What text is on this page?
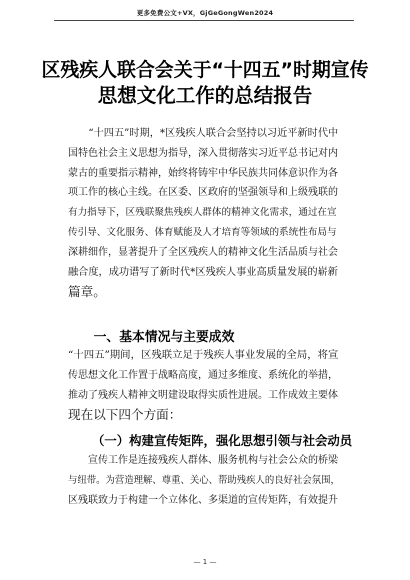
更多免费公文+VX，GjGeGongWen2024
区残疾人联合会关于“十四五”时期宣传
思想文化工作的总结报告
　　“十四五”时期，*区残疾人联合会坚持以习近平新时代中
国特色社会主义思想为指导，深入贯彻落实习近平总书记对内
蒙古的重要指示精神，始终将铸牢中华民族共同体意识作为各
项工作的核心主线。在区委、区政府的坚强领导和上级残联的
有力指导下，区残联聚焦残疾人群体的精神文化需求，通过在宣
传引导、文化服务、体育赋能及人才培育等领域的系统性布局与
深耕细作，显著提升了全区残疾人的精神文化生活品质与社会
融合度，成功谱写了新时代*区残疾人事业高质量发展的崭新
篇章。
　　一、基本情况与主要成效
“十四五”期间，区残联立足于残疾人事业发展的全局，将宣
传思想文化工作置于战略高度，通过多维度、系统化的举措，
推动了残疾人精神文明建设取得实质性进展。工作成效主要体
现在以下四个方面：
（一）构建宣传矩阵，强化思想引领与社会动员
　　宣传工作是连接残疾人群体、服务机构与社会公众的桥梁
与纽带。为营造理解、尊重、关心、帮助残疾人的良好社会氛围，
区残联致力于构建一个立体化、多渠道的宣传矩阵，有效提升
— 1 —
